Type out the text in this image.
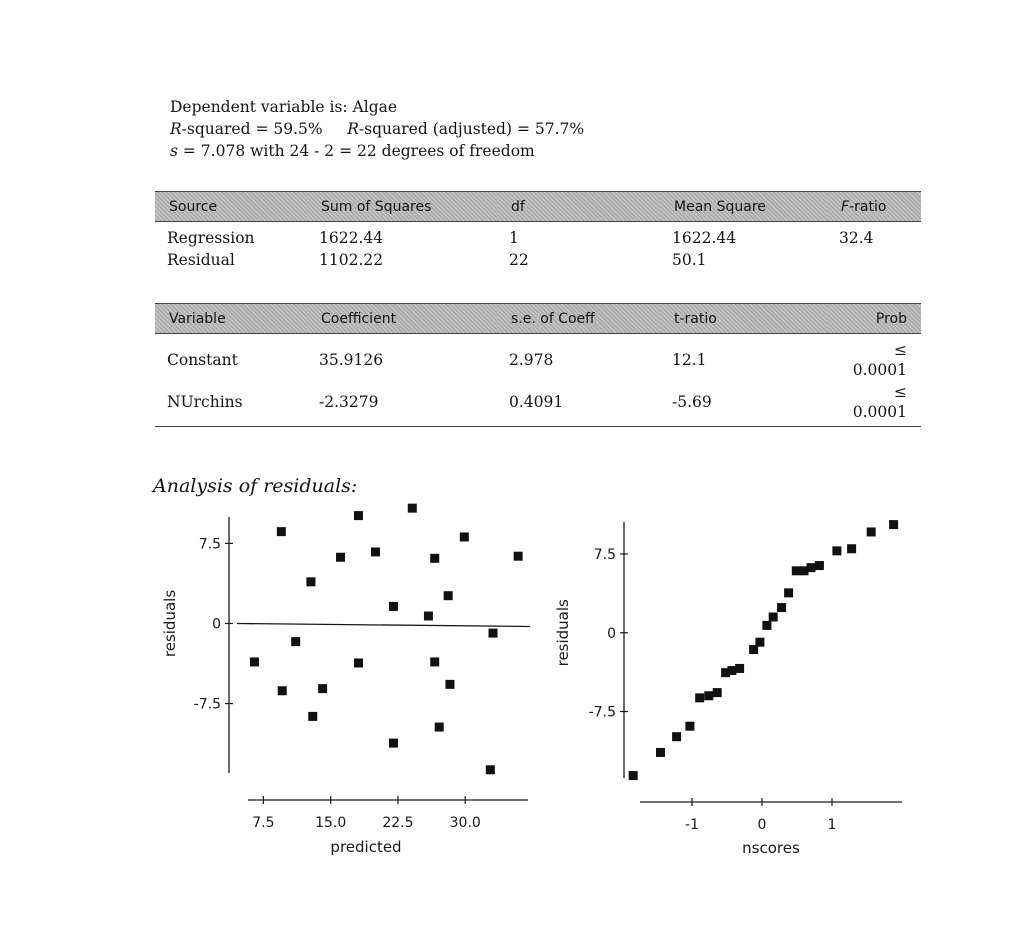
Dependent variable is: Algae
R-squared = 59.5% R-squared (adjusted) = 57.7%
s = 7.078 with 24 - 2 = 22 degrees of freedom
Source	Sum of Squares	df	Mean Square	F-ratio
Regression	1622.44	1	1622.44	32.4
Residual	1102.22	22	50.1	
Variable	Coefficient	s.e. of Coeff	t-ratio	Prob
Constant	35.9126	2.978	12.1	≤ 0.0001
NUrchins	-2.3279	0.4091	-5.69	≤ 0.0001
Analysis of residuals:
7.5
0
-7.5
7.5	15.0	22.5	30.0
predicted
residuals
7.5
0
-7.5
-1	0	1
nscores
residuals
